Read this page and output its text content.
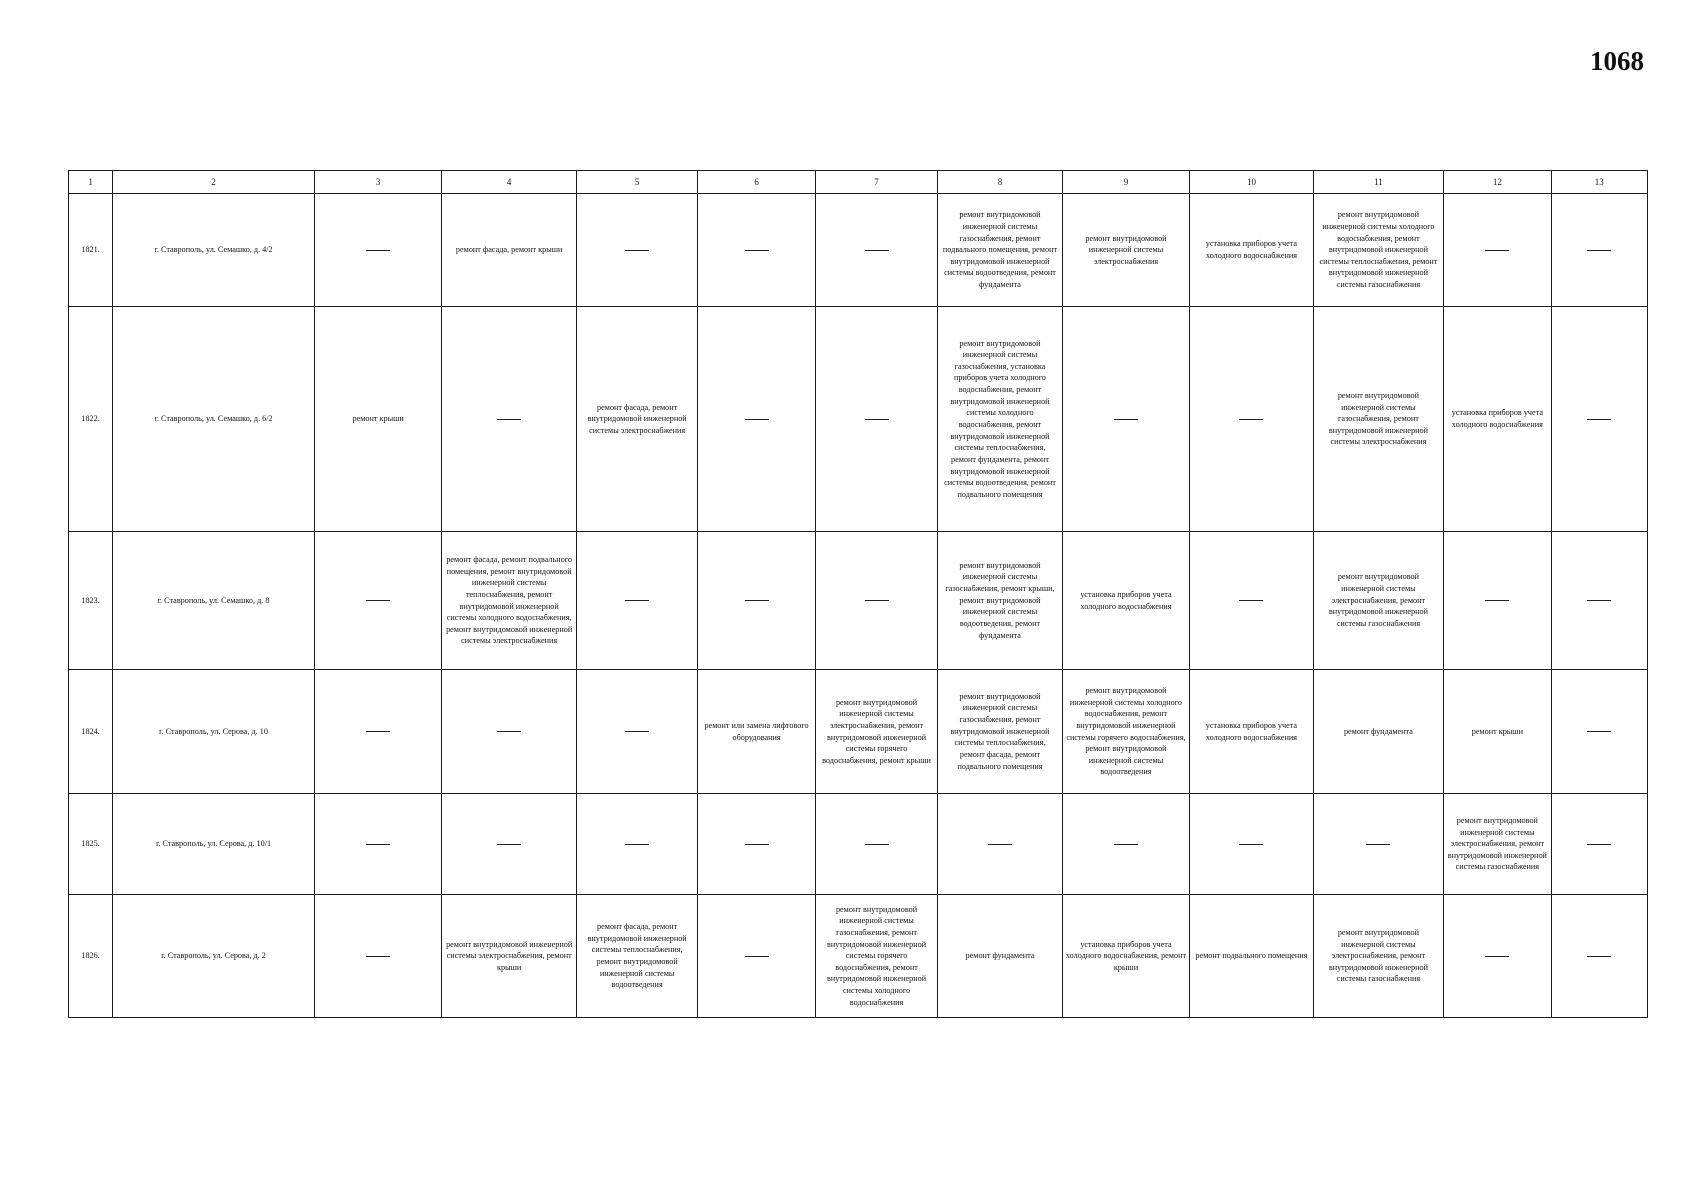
1068
1	2	3	4	5	6	7	8	9	10	11	12	13
1821.	г. Ставрополь, ул. Семашко, д. 4/2		ремонт фасада, ремонт крыши				ремонт внутридомовой инженерной системы газоснабжения, ремонт подвального помещения, ремонт внутридомовой инженерной системы водоотведения, ремонт фундамента	ремонт внутридомовой инженерной системы электроснабжения	установка приборов учета холодного водоснабжения	ремонт внутридомовой инженерной системы холодного водоснабжения, ремонт внутридомовой инженерной системы теплоснабжения, ремонт внутридомовой инженерной системы газоснабжения		
1822.	г. Ставрополь, ул. Семашко, д. 6/2	ремонт крыши		ремонт фасада, ремонт внутридомовой инженерной системы электроснабжения			ремонт внутридомовой инженерной системы газоснабжения, установка приборов учета холодного водоснабжения, ремонт внутридомовой инженерной системы холодного водоснабжения, ремонт внутридомовой инженерной системы теплоснабжения, ремонт фундамента, ремонт внутридомовой инженерной системы водоотведения, ремонт подвального помещения			ремонт внутридомовой инженерной системы газоснабжения, ремонт внутридомовой инженерной системы электроснабжения	установка приборов учета холодного водоснабжения	
1823.	г. Ставрополь, ул. Семашко, д. 8		ремонт фасада, ремонт подвального помещения, ремонт внутридомовой инженерной системы теплоснабжения, ремонт внутридомовой инженерной системы холодного водоснабжения, ремонт внутридомовой инженерной системы электроснабжения				ремонт внутридомовой инженерной системы газоснабжения, ремонт крыши, ремонт внутридомовой инженерной системы водоотведения, ремонт фундамента	установка приборов учета холодного водоснабжения		ремонт внутридомовой инженерной системы электроснабжения, ремонт внутридомовой инженерной системы газоснабжения		
1824.	г. Ставрополь, ул. Серова, д. 10				ремонт или замена лифтового оборудования	ремонт внутридомовой инженерной системы электроснабжения, ремонт внутридомовой инженерной системы горячего водоснабжения, ремонт крыши	ремонт внутридомовой инженерной системы газоснабжения, ремонт внутридомовой инженерной системы теплоснабжения, ремонт фасада, ремонт подвального помещения	ремонт внутридомовой инженерной системы холодного водоснабжения, ремонт внутридомовой инженерной системы горячего водоснабжения, ремонт внутридомовой инженерной системы водоотведения	установка приборов учета холодного водоснабжения	ремонт фундамента	ремонт крыши	
1825.	г. Ставрополь, ул. Серова, д. 10/1										ремонт внутридомовой инженерной системы электроснабжения, ремонт внутридомовой инженерной системы газоснабжения	
1826.	г. Ставрополь, ул. Серова, д. 2		ремонт внутридомовой инженерной системы электроснабжения, ремонт крыши	ремонт фасада, ремонт внутридомовой инженерной системы теплоснабжения, ремонт внутридомовой инженерной системы водоотведения		ремонт внутридомовой инженерной системы газоснабжения, ремонт внутридомовой инженерной системы горячего водоснабжения, ремонт внутридомовой инженерной системы холодного водоснабжения	ремонт фундамента	установка приборов учета холодного водоснабжения, ремонт крыши	ремонт подвального помещения	ремонт внутридомовой инженерной системы электроснабжения, ремонт внутридомовой инженерной системы газоснабжения		
